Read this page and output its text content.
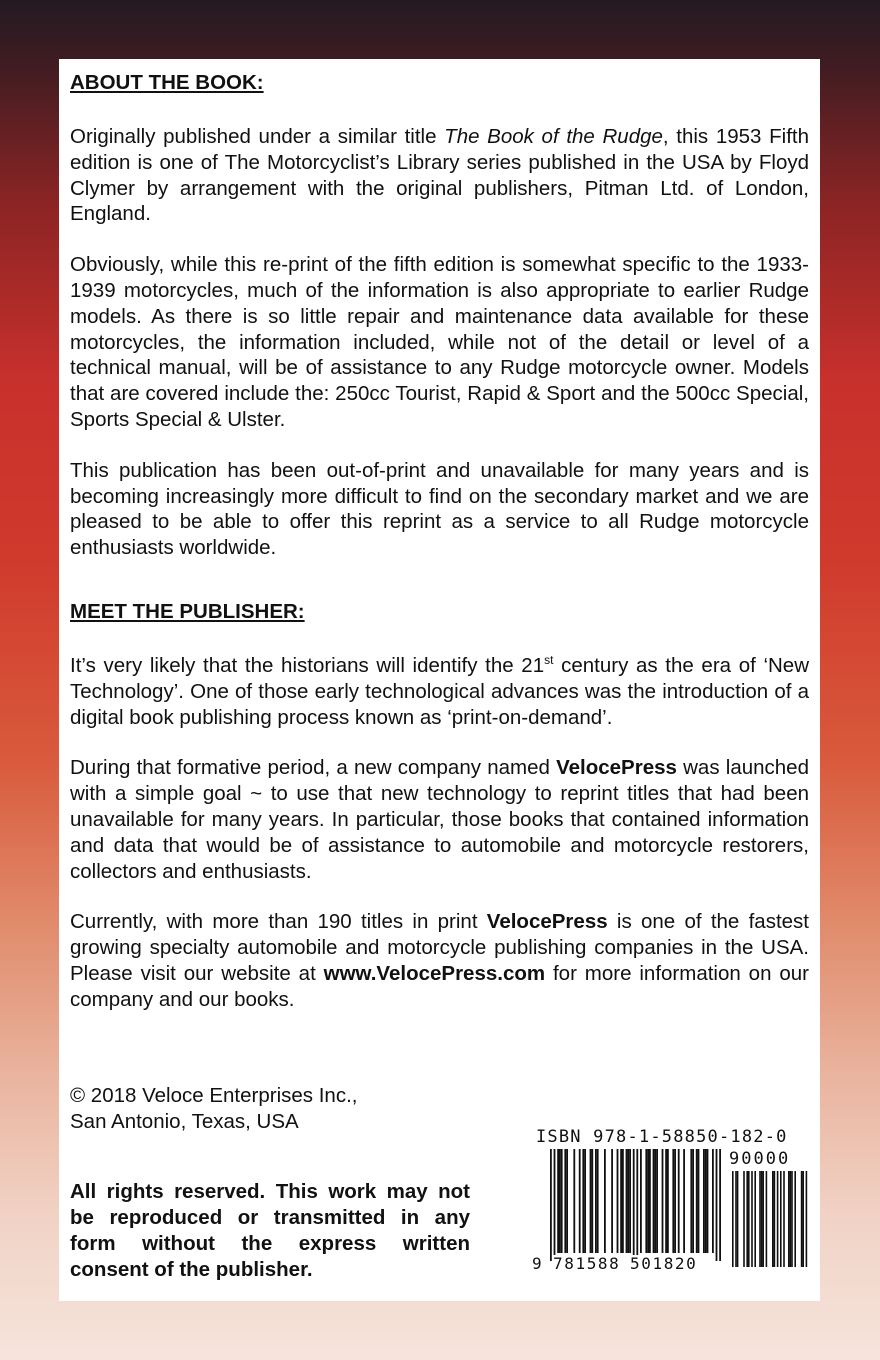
ABOUT THE BOOK:

Originally published under a similar title The Book of the Rudge, this 1953 Fifth edition is one of The Motorcyclist’s Library series published in the USA by Floyd Clymer by arrangement with the original publishers, Pitman Ltd. of London, England.

Obviously, while this re-print of the fifth edition is somewhat specific to the 1933-1939 motorcycles, much of the information is also appropriate to earlier Rudge models. As there is so little repair and maintenance data available for these motorcycles, the information included, while not of the detail or level of a technical manual, will be of assistance to any Rudge motorcycle owner. Models that are covered include the: 250cc Tourist, Rapid & Sport and the 500cc Special, Sports Special & Ulster.

This publication has been out-of-print and unavailable for many years and is becoming increasingly more difficult to find on the secondary market and we are pleased to be able to offer this reprint as a service to all Rudge motorcycle enthusiasts worldwide.

MEET THE PUBLISHER:

It’s very likely that the historians will identify the 21st century as the era of ‘New Technology’. One of those early technological advances was the introduction of a digital book publishing process known as ‘print-on-demand’.

During that formative period, a new company named VelocePress was launched with a simple goal ~ to use that new technology to reprint titles that had been unavailable for many years. In particular, those books that contained information and data that would be of assistance to automobile and motorcycle restorers, collectors and enthusiasts.

Currently, with more than 190 titles in print VelocePress is one of the fastest growing specialty automobile and motorcycle publishing companies in the USA. Please visit our website at www.VelocePress.com for more information on our company and our books.

© 2018 Veloce Enterprises Inc.,

San Antonio, Texas, USA

All rights reserved. This work may not be reproduced or transmitted in any form without the express written consent of the publisher.
ISBN 978-1-58850-182-0
90000
9 781588 501820
